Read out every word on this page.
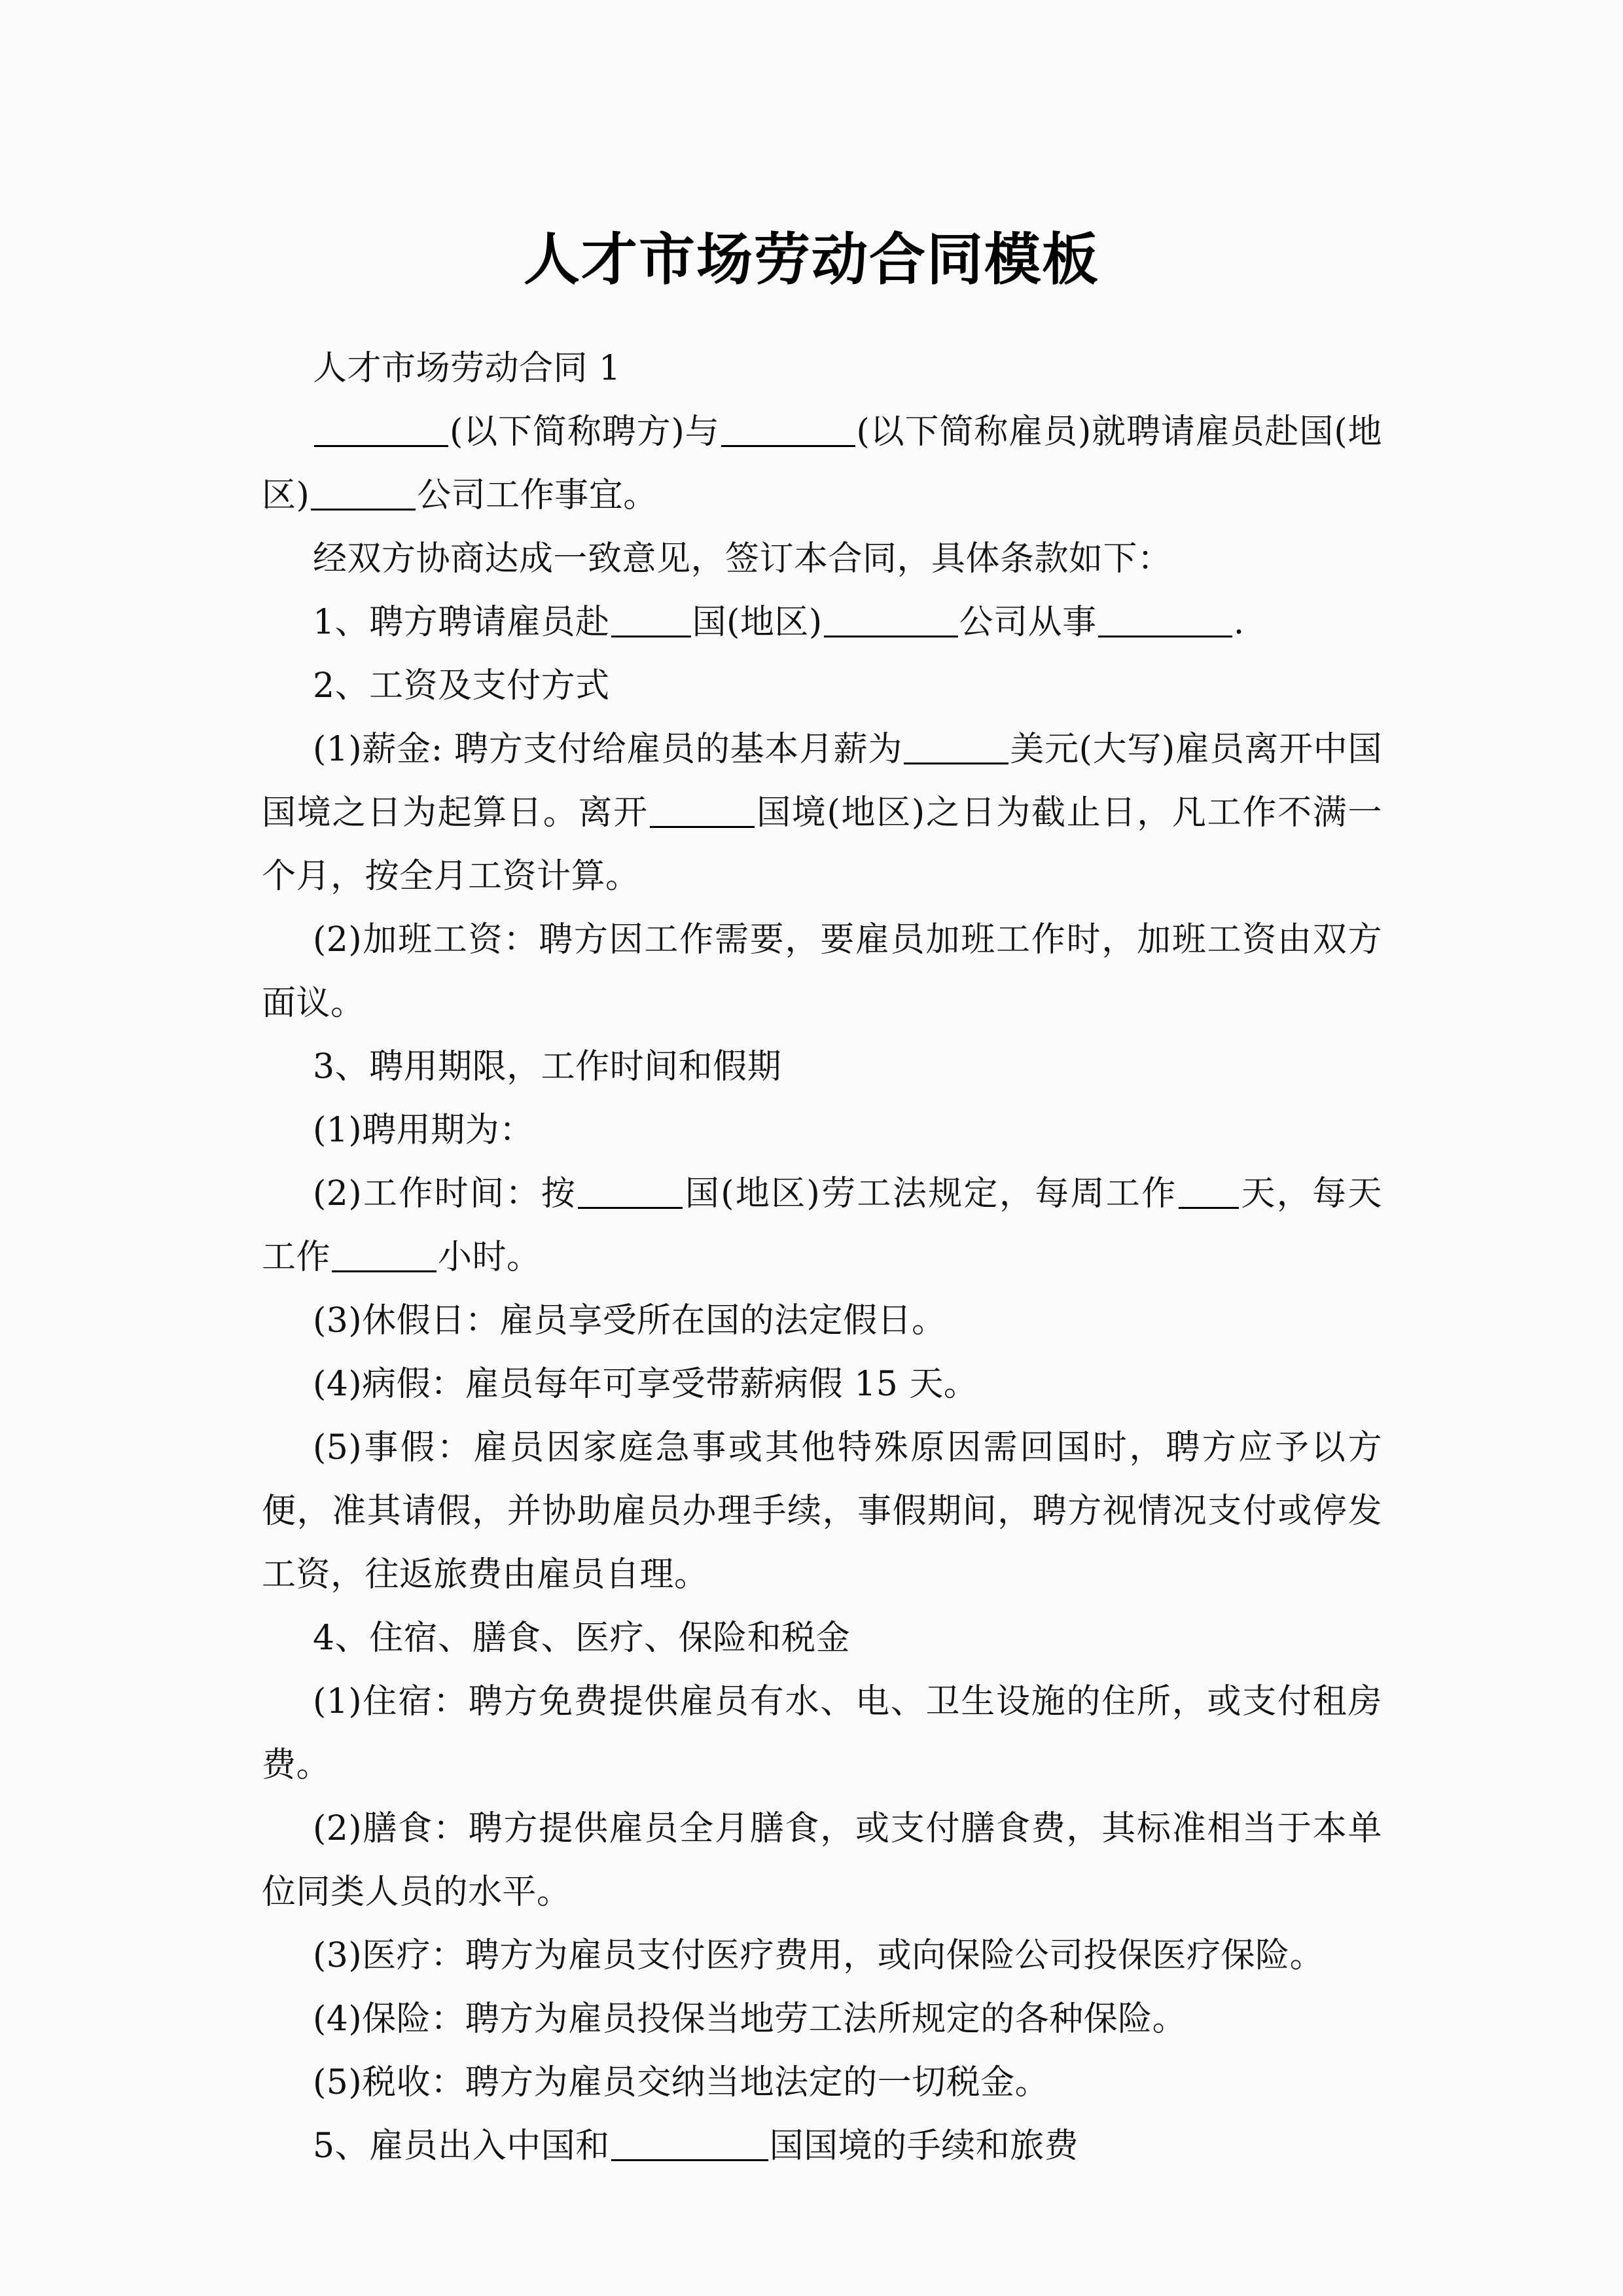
人才市场劳动合同模板

人才市场劳动合同 1

(以下简称聘方)与	(以下简称雇员)就聘请雇员赴国(地区)	公司工作事宜。

经双方协商达成一致意见，签订本合同，具体条款如下：

1、聘方聘请雇员赴 国(地区)	公司从事	.

2、工资及支付方式

(1)薪金: 聘方支付给雇员的基本月薪为	美元(大写)雇员离开中国国境之日为起算日。离开	国境(地区)之日为截止日，凡工作不满一个月，按全月工资计算。

(2)加班工资：聘方因工作需要，要雇员加班工作时，加班工资由双方面议。

3、聘用期限，工作时间和假期

(1)聘用期为：

(2)工作时间：按	国(地区)劳工法规定，每周工作 天，每天工作	小时。

(3)休假日：雇员享受所在国的法定假日。

(4)病假：雇员每年可享受带薪病假 15 天。

(5)事假：雇员因家庭急事或其他特殊原因需回国时，聘方应予以方便，准其请假，并协助雇员办理手续，事假期间，聘方视情况支付或停发工资，往返旅费由雇员自理。

4、住宿、膳食、医疗、保险和税金

(1)住宿：聘方免费提供雇员有水、电、卫生设施的住所，或支付租房费。

(2)膳食：聘方提供雇员全月膳食，或支付膳食费，其标准相当于本单位同类人员的水平。

(3)医疗：聘方为雇员支付医疗费用，或向保险公司投保医疗保险。

(4)保险：聘方为雇员投保当地劳工法所规定的各种保险。

(5)税收：聘方为雇员交纳当地法定的一切税金。

5、雇员出入中国和	国国境的手续和旅费
